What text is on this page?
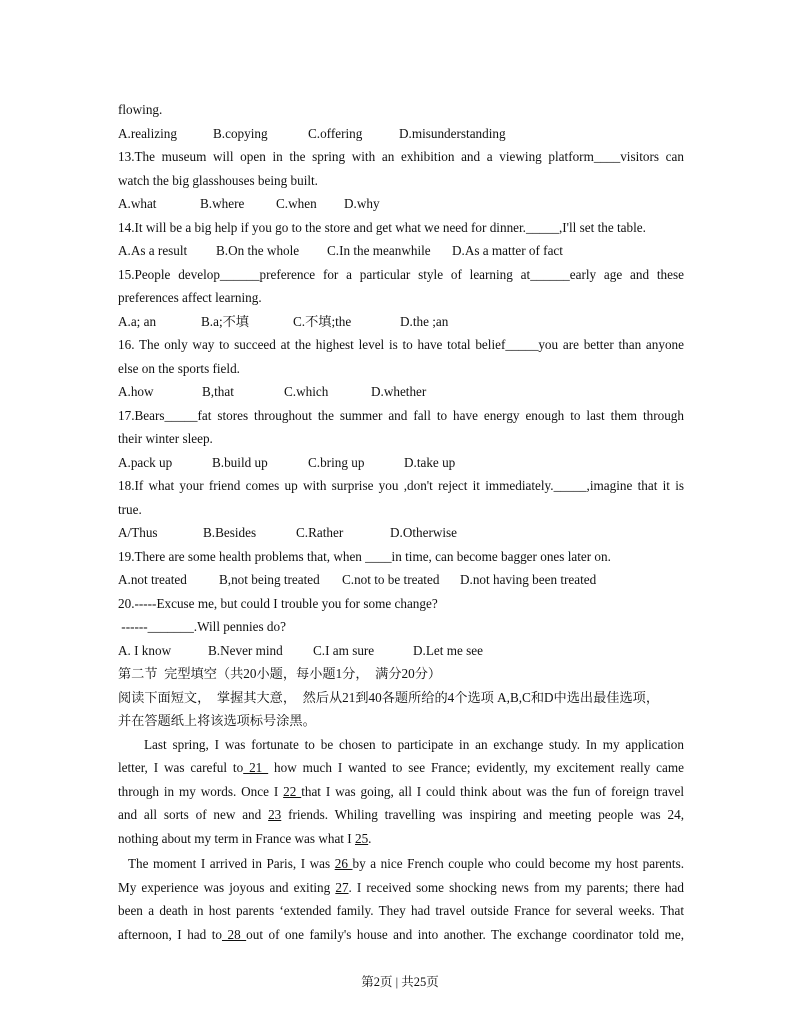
flowing.
A.realizing	B.copying	C.offering	D.misunderstanding
13.The museum will open in the spring with an exhibition and a viewing platform____visitors can
watch the big glasshouses being built.
A.what	B.where	C.when	D.why
14.It will be a big help if you go to the store and get what we need for dinner._____,I'll set the table.
A.As a result	B.On the whole	C.In the meanwhile	D.As a matter of fact
15.People develop______preference for a particular style of learning at______early age and these
preferences affect learning.
A.a; an	B.a;不填	C.不填;the	D.the ;an
16. The only way to succeed at the highest level is to have total belief_____you are better than anyone
else on the sports field.
A.how	B,that	C.which	D.whether
17.Bears_____fat stores throughout the summer and fall to have energy enough to last them through
their winter sleep.
A.pack up	B.build up	C.bring up	D.take up
18.If what your friend comes up with surprise you ,don't reject it immediately._____,imagine that it is
true.
A/Thus	B.Besides	C.Rather	D.Otherwise
19.There are some health problems that, when ____in time, can become bagger ones later on.
A.not treated	B,not being treated	C.not to be treated	D.not having been treated
20.-----Excuse me, but could I trouble you for some change?
------_______.Will pennies do?
A. I know	B.Never mind	C.I am sure	D.Let me see
第二节  完型填空（共20小题，每小题1分，  满分20分）
阅读下面短文，  掌握其大意，  然后从21到40各题所给的4个选项 A,B,C和D中选出最佳选项，
并在答题纸上将该选项标号涂黑。
Last spring, I was fortunate to be chosen to participate in an exchange study. In my application
letter, I was careful to 21  how much I wanted to see France; evidently, my excitement really came
through in my words. Once I 22 that I was going, all I could think about was the fun of foreign travel
and all sorts of new and 23 friends. Whiling travelling was inspiring and meeting people was 24,
nothing about my term in France was what I 25.
The moment I arrived in Paris, I was 26 by a nice French couple who could become my host parents.
My experience was joyous and exiting 27. I received some shocking news from my parents; there had
been a death in host parents ‘extended family. They had travel outside France for several weeks. That
afternoon, I had to 28 out of one family's house and into another. The exchange coordinator told me,
第2页 | 共25页
